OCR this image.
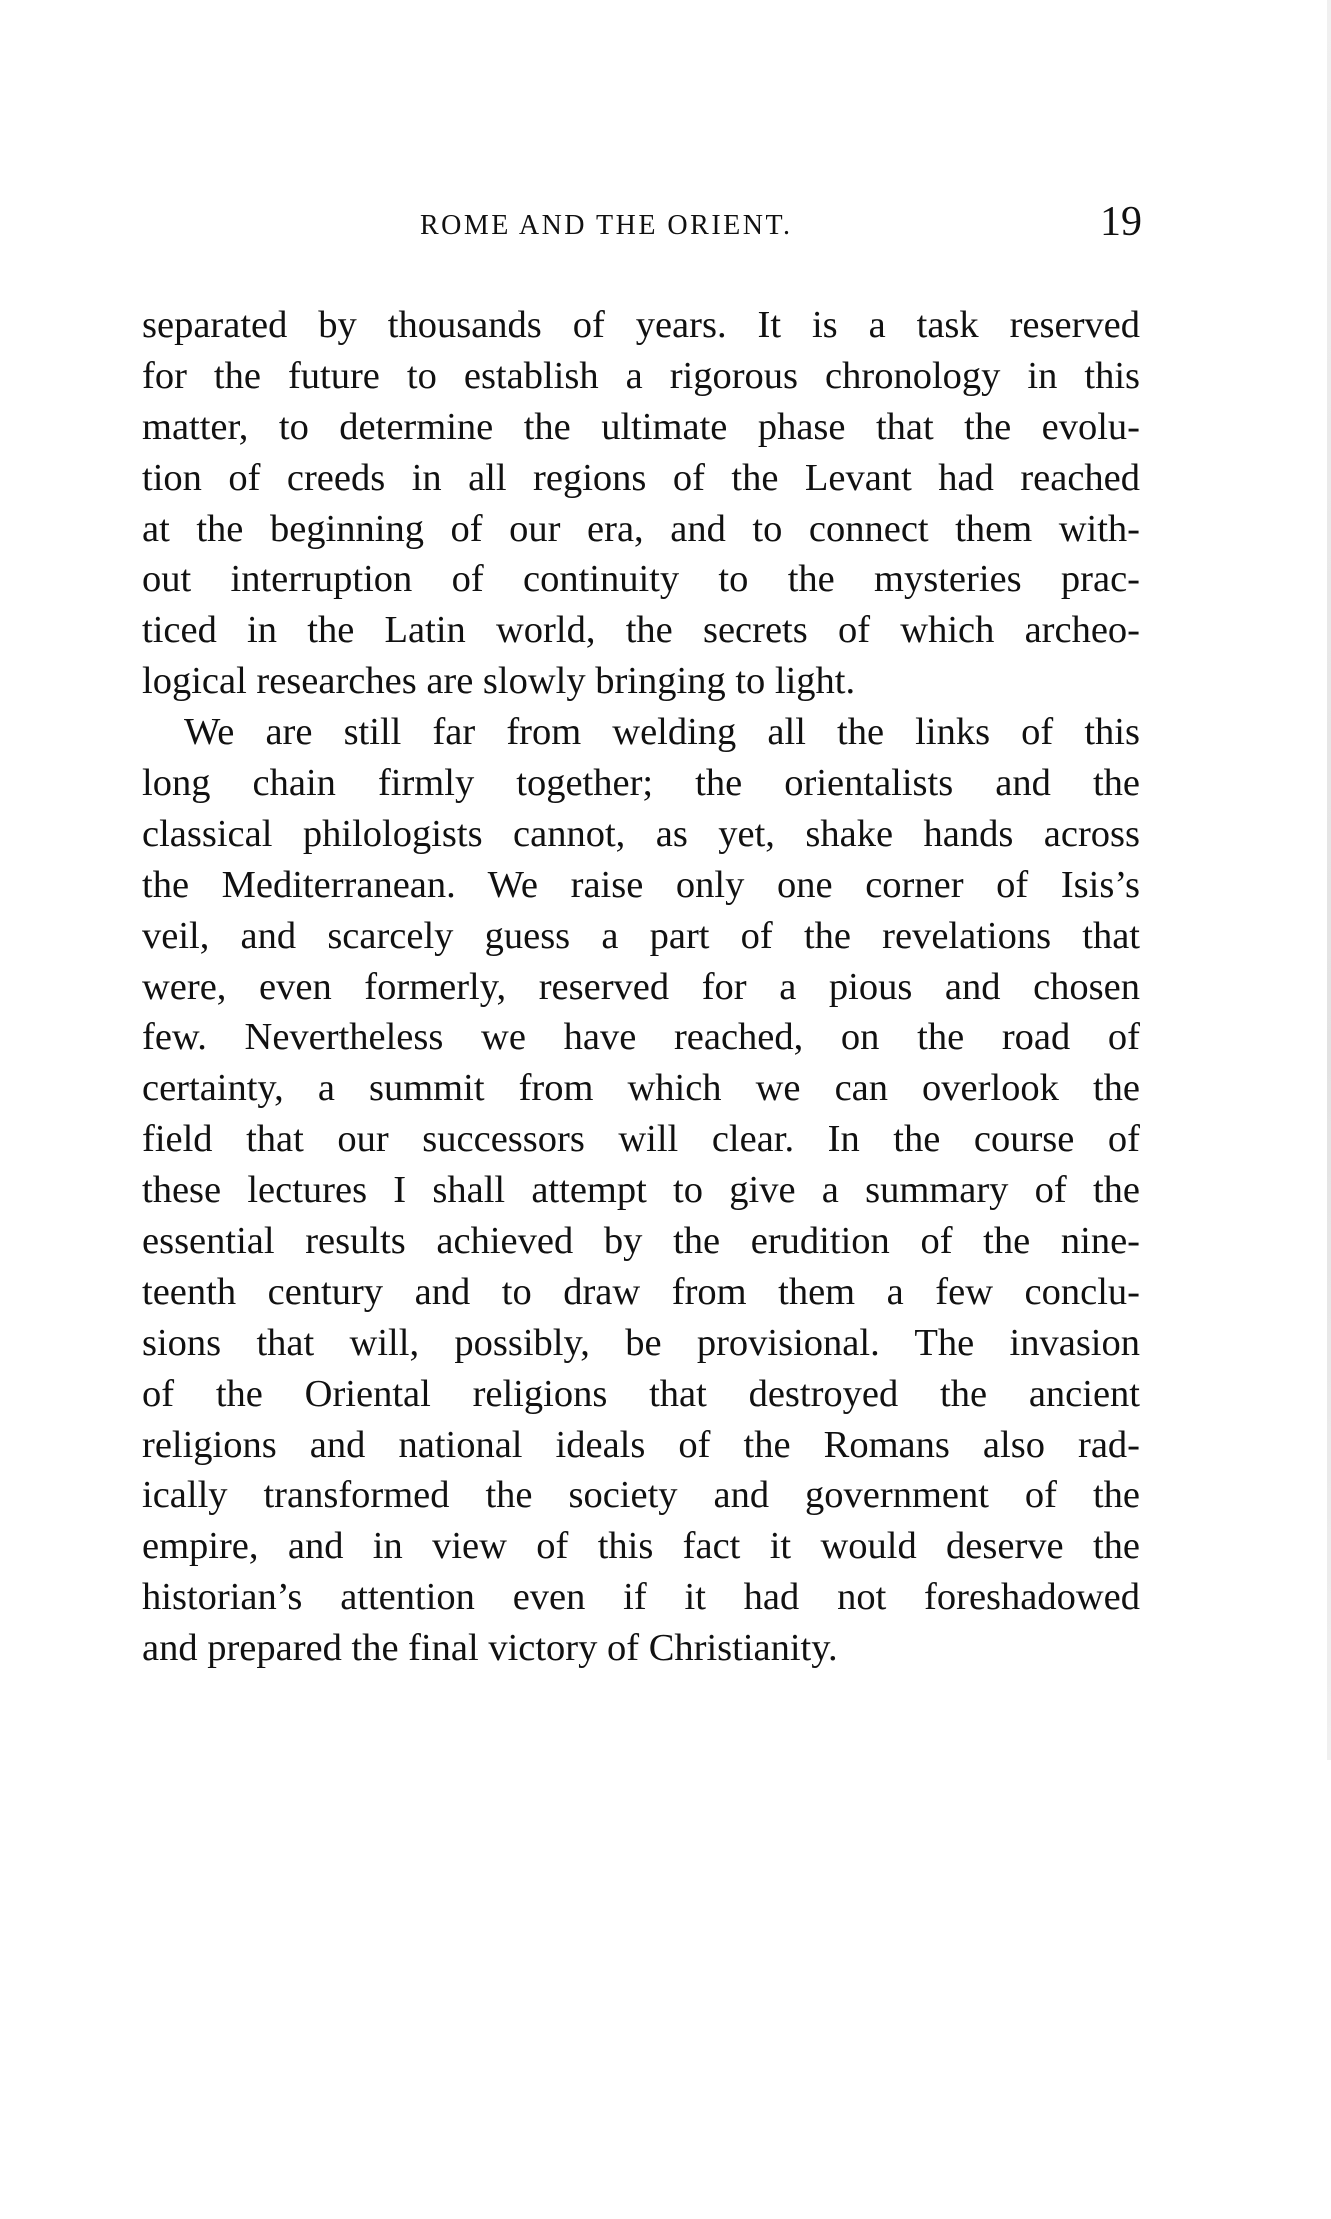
ROME AND THE ORIENT.	19
separated by thousands of years. It is a task reserved
for the future to establish a rigorous chronology in this
matter, to determine the ultimate phase that the evolu-
tion of creeds in all regions of the Levant had reached
at the beginning of our era, and to connect them with-
out interruption of continuity to the mysteries prac-
ticed in the Latin world, the secrets of which archeo-
logical researches are slowly bringing to light.
We are still far from welding all the links of this
long chain firmly together; the orientalists and the
classical philologists cannot, as yet, shake hands across
the Mediterranean. We raise only one corner of Isis’s
veil, and scarcely guess a part of the revelations that
were, even formerly, reserved for a pious and chosen
few. Nevertheless we have reached, on the road of
certainty, a summit from which we can overlook the
field that our successors will clear. In the course of
these lectures I shall attempt to give a summary of the
essential results achieved by the erudition of the nine-
teenth century and to draw from them a few conclu-
sions that will, possibly, be provisional. The invasion
of the Oriental religions that destroyed the ancient
religions and national ideals of the Romans also rad-
ically transformed the society and government of the
empire, and in view of this fact it would deserve the
historian’s attention even if it had not foreshadowed
and prepared the final victory of Christianity.
